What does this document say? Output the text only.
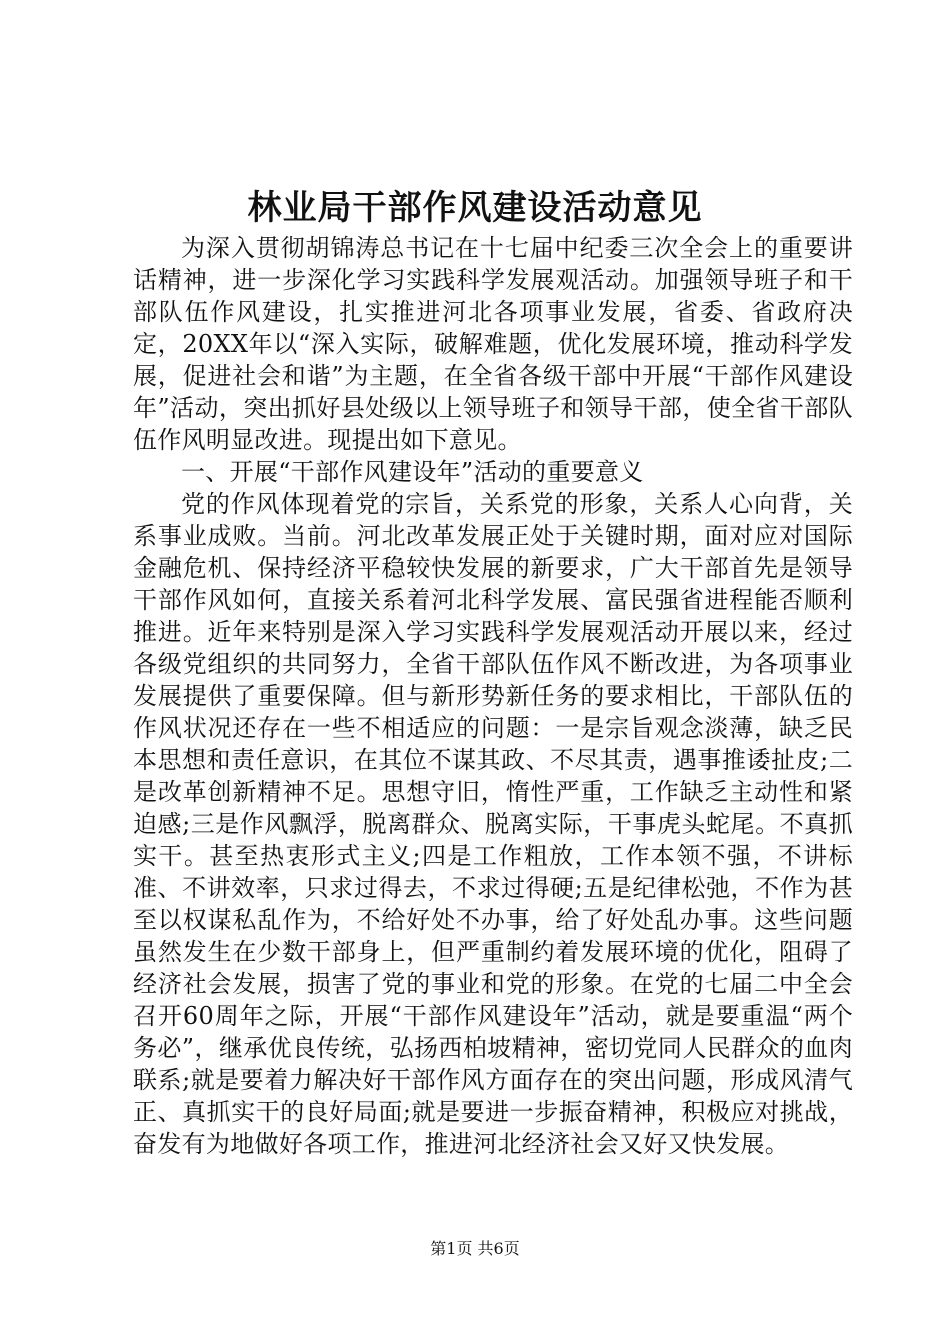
林业局干部作风建设活动意见

为深入贯彻胡锦涛总书记在十七届中纪委三次全会上的重要讲话精神，进一步深化学习实践科学发展观活动。加强领导班子和干部队伍作风建设，扎实推进河北各项事业发展，省委、省政府决定，20XX年以“深入实际，破解难题，优化发展环境，推动科学发展，促进社会和谐”为主题，在全省各级干部中开展“干部作风建设年”活动，突出抓好县处级以上领导班子和领导干部，使全省干部队伍作风明显改进。现提出如下意见。

一、开展“干部作风建设年”活动的重要意义

党的作风体现着党的宗旨，关系党的形象，关系人心向背，关系事业成败。当前。河北改革发展正处于关键时期，面对应对国际金融危机、保持经济平稳较快发展的新要求，广大干部首先是领导干部作风如何，直接关系着河北科学发展、富民强省进程能否顺利推进。近年来特别是深入学习实践科学发展观活动开展以来，经过各级党组织的共同努力，全省干部队伍作风不断改进，为各项事业发展提供了重要保障。但与新形势新任务的要求相比，干部队伍的作风状况还存在一些不相适应的问题：一是宗旨观念淡薄，缺乏民本思想和责任意识，在其位不谋其政、不尽其责，遇事推诿扯皮;二是改革创新精神不足。思想守旧，惰性严重，工作缺乏主动性和紧迫感;三是作风飘浮，脱离群众、脱离实际，干事虎头蛇尾。不真抓实干。甚至热衷形式主义;四是工作粗放，工作本领不强，不讲标准、不讲效率，只求过得去，不求过得硬;五是纪律松弛，不作为甚至以权谋私乱作为，不给好处不办事，给了好处乱办事。这些问题虽然发生在少数干部身上，但严重制约着发展环境的优化，阻碍了经济社会发展，损害了党的事业和党的形象。在党的七届二中全会召开60周年之际，开展“干部作风建设年”活动，就是要重温“两个务必”，继承优良传统，弘扬西柏坡精神，密切党同人民群众的血肉联系;就是要着力解决好干部作风方面存在的突出问题，形成风清气正、真抓实干的良好局面;就是要进一步振奋精神，积极应对挑战，奋发有为地做好各项工作，推进河北经济社会又好又快发展。

第1页 共6页
